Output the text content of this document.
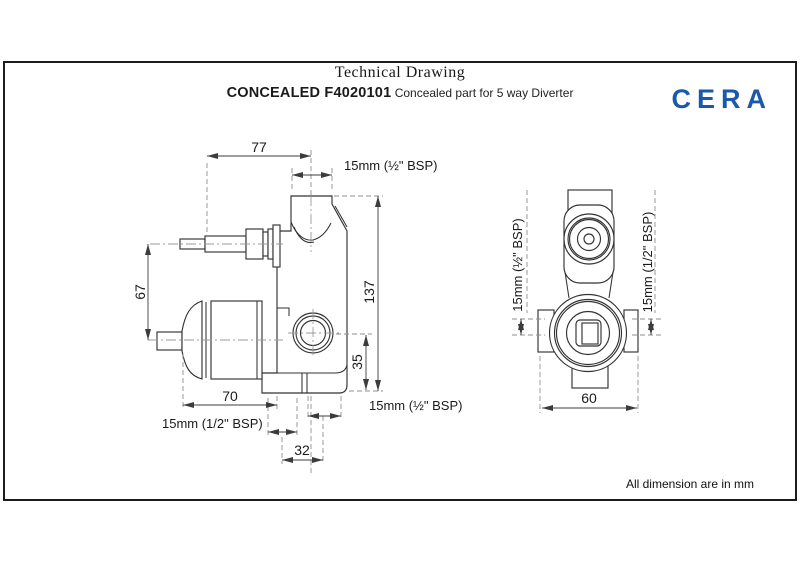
Technical Drawing
CONCEALED F4020101 Concealed part for 5 way Diverter	CERA
All dimension are in mm
77
15mm (½" BSP)
137
35
67
70
15mm (1/2" BSP)
15mm (½" BSP)
32
60
15mm (½" BSP)	15mm (1/2" BSP)
